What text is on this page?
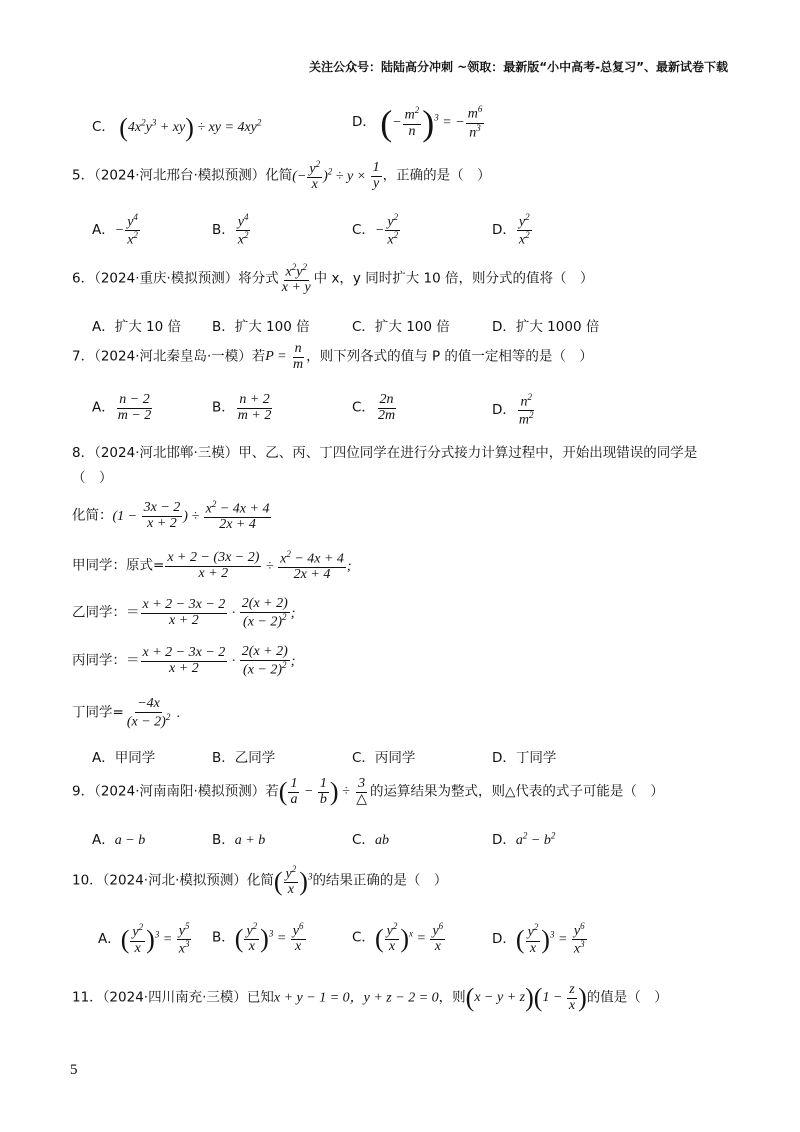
关注公众号：陆陆高分冲刺 ~领取：最新版“小中高考-总复习”、最新试卷下载
C． $(4x^2y^3 + xy)$ ÷ xy = $4xy^2$	D． (− $\frac{m^2}{n} )^3$ = − $\frac{m^6}{n^3}$
5．（2024·河北邢台·模拟预测）化简(− $\frac{y^2}{x} )^2 \div y \times \frac{1}{y}$ ，正确的是（　）
A．− $\frac{y^4}{x^2}$	B． $\frac{y^4}{x^2}$	C．− $\frac{y^2}{x^2}$	D． $\frac{y^2}{x^2}$
6．（2024·重庆·模拟预测）将分式 $\frac{x^2y^2}{x + y}$ 中 x，y 同时扩大 10 倍，则分式的值将（　）
A．扩大 10 倍 B．扩大 100 倍	C．扩大 100 倍	D．扩大 1000 倍
7．（2024·河北秦皇岛·一模）若$P = \frac{n}{m}$ ，则下列各式的值与 P 的值一定相等的是（　）
A． $\frac{n - 2}{m - 2}$	B． $\frac{n + 2}{m + 2}$	C． $\frac{2n}{2m}$	D． $\frac{n^2}{m^2}$
8．（2024·河北邯郸·三模）甲、乙、丙、丁四位同学在进行分式接力计算过程中，开始出现错误的同学是
（　）
化简：($1 - \frac{3x - 2}{x + 2}$ ) ÷ $\frac{x^2 - 4x + 4}{2x + 4}$
甲同学：原式= $\frac{x + 2 - (3x - 2)}{x + 2} \div \frac{x^2 - 4x + 4}{2x + 4}$ ;
乙同学：＝ $\frac{x + 2 - 3x - 2}{x + 2} \cdot \frac{2(x + 2)}{(x - 2)^2}$ ;
丙同学：＝ $\frac{x + 2 - 3x - 2}{x + 2} \cdot \frac{2(x + 2)}{(x - 2)^2}$ ;
丁同学= $\frac{-4x}{(x - 2)^2}$ .
A．甲同学	B．乙同学	C．丙同学	D．丁同学
9．（2024·河南南阳·模拟预测）若( $\frac{1}{a} - \frac{1}{b}$ ) ÷ $\frac{3}{\triangle}$ 的运算结果为整式，则△代表的式子可能是（　）
A．a − b	B．a + b	C．ab	D．$a^2 - b^2$
10．（2024·河北·模拟预测）化简( $\frac{y^2}{x} )^3$的结果正确的是（　）
A．( $\frac{y^2}{x} )^3 = \frac{y^5}{x^3}$ B．( $\frac{y^2}{x} )^3 = \frac{y^6}{x}$	C．( $\frac{y^2}{x} )^x = \frac{y^6}{x}$	D．( $\frac{y^2}{x} )^3 = \frac{y^6}{x^3}$
11．（2024·四川南充·三模）已知x + y − 1 = 0，y + z − 2 = 0，则$(x - y + z)(1 - \frac{z}{x}$ )的值是（　）
5
